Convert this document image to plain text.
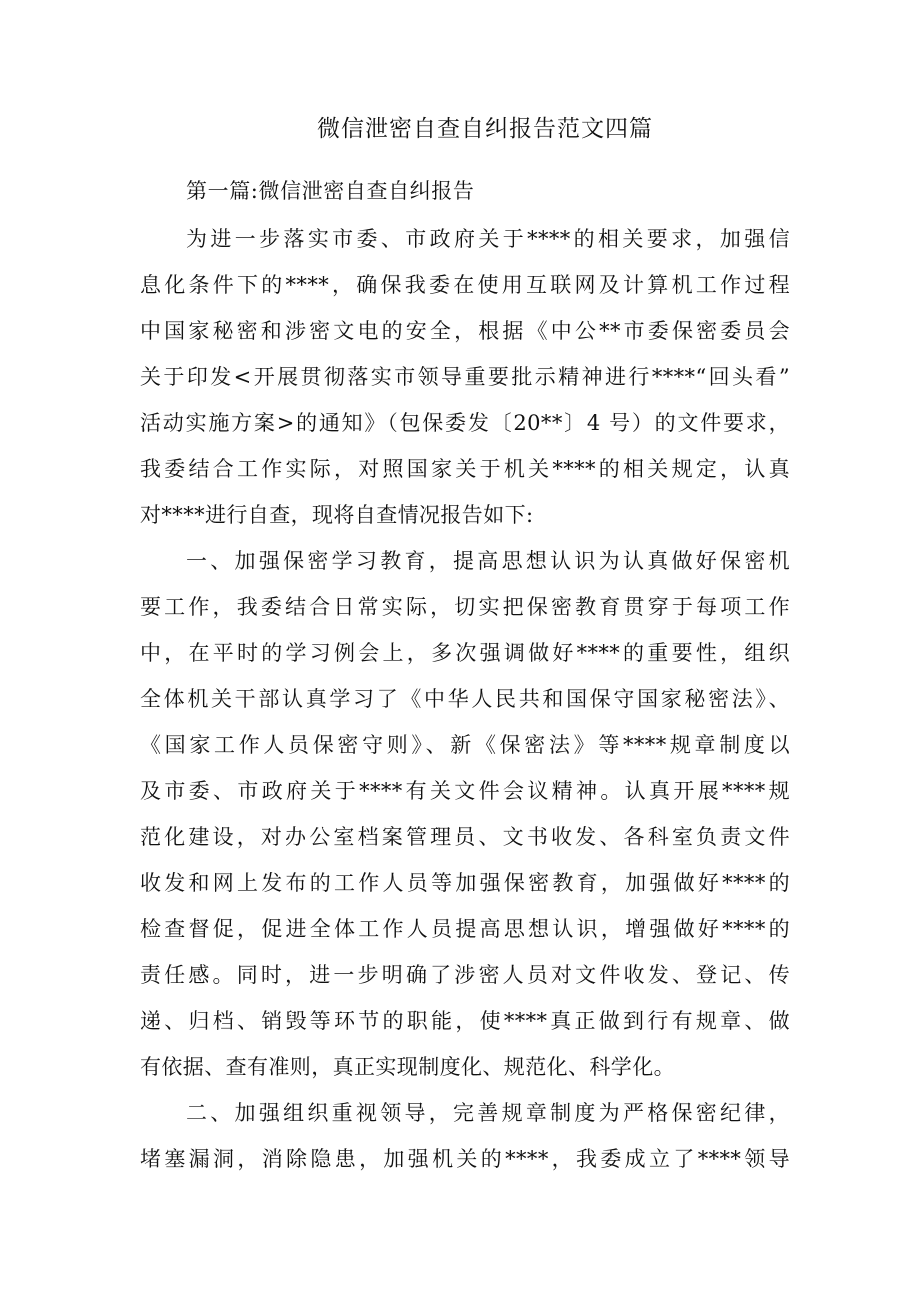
微信泄密自查自纠报告范文四篇
第一篇:微信泄密自查自纠报告
为进一步落实市委、市政府关于****的相关要求，加强信
息化条件下的****，确保我委在使用互联网及计算机工作过程
中国家秘密和涉密文电的安全，根据《中公**市委保密委员会
关于印发<开展贯彻落实市领导重要批示精神进行****“回头看”
活动实施方案>的通知》（包保委发〔20**〕4 号）的文件要求，
我委结合工作实际，对照国家关于机关****的相关规定，认真
对****进行自查，现将自查情况报告如下:
一、加强保密学习教育，提高思想认识为认真做好保密机
要工作，我委结合日常实际，切实把保密教育贯穿于每项工作
中，在平时的学习例会上，多次强调做好****的重要性，组织
全体机关干部认真学习了《中华人民共和国保守国家秘密法》、
《国家工作人员保密守则》、新《保密法》等****规章制度以
及市委、市政府关于****有关文件会议精神。认真开展****规
范化建设，对办公室档案管理员、文书收发、各科室负责文件
收发和网上发布的工作人员等加强保密教育，加强做好****的
检查督促，促进全体工作人员提高思想认识，增强做好****的
责任感。同时，进一步明确了涉密人员对文件收发、登记、传
递、归档、销毁等环节的职能，使****真正做到行有规章、做
有依据、查有准则，真正实现制度化、规范化、科学化。
二、加强组织重视领导，完善规章制度为严格保密纪律，
堵塞漏洞，消除隐患，加强机关的****，我委成立了****领导
